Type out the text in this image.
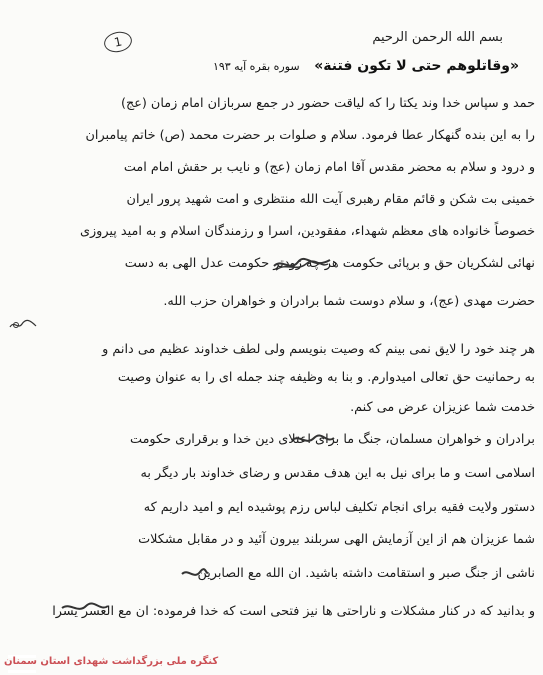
1	بسم الله الرحمن الرحیم
«وقاتلوهم حتی لا تکون فتنة»   سوره بقره آیه ۱۹۳
حمد و سپاس خدا وند یکتا را که لیاقت حضور در جمع سربازان امام زمان (عج)
را به این بنده گنهکار عطا فرمود. سلام و صلوات بر حضرت محمد (ص) خاتم پیامبران
و درود و سلام به محضر مقدس آقا امام زمان (عج) و نایب بر حقش امام امت
خمینی بت شکن و قائم مقام رهبری آیت الله منتظری و امت شهید پرور ایران
خصوصاً خانواده های معظم شهداء، مفقودین، اسرا و رزمندگان اسلام و به امید پیروزی
نهائی لشکریان حق و برپائی حکومت هر چه زودتر حکومت عدل الهی به دست
حضرت مهدی (عج)، و سلام دوست شما برادران و خواهران حزب الله.
هر چند خود را لایق نمی بینم که وصیت بنویسم ولی لطف خداوند عظیم می دانم و
به رحمانیت حق تعالی امیدوارم. و بنا به وظیفه چند جمله ای را به عنوان وصیت
خدمت شما عزیزان عرض می کنم.
برادران و خواهران مسلمان، جنگ ما برای اعتلای دین خدا و برقراری حکومت
اسلامی است و ما برای نیل به این هدف مقدس و رضای خداوند بار دیگر به
دستور ولایت فقیه برای انجام تکلیف لباس رزم پوشیده ایم و امید داریم که
شما عزیزان هم از این آزمایش الهی سربلند بیرون آئید و در مقابل مشکلات
ناشی از جنگ صبر و استقامت داشته باشید. ان الله مع الصابرین
و بدانید که در کنار مشکلات و ناراحتی ها نیز فتحی است که خدا فرموده: ان مع العسر یسرا
کنگره ملی بزرگداشت شهدای استان سمنان
